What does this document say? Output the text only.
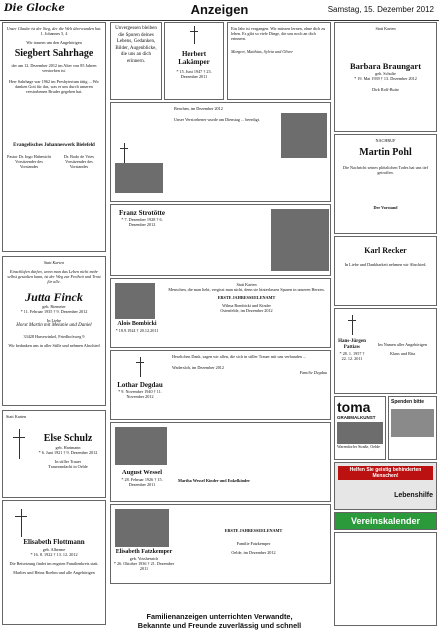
Die Glocke	Anzeigen	Samstag, 15. Dezember 2012

Unser Glaube ist der Sieg, der die Welt überwunden hat.

1. Johannes 5, 4

Wir trauern um den Angehörigen

Siegbert Sahrhage

der am 12. Dezember 2012 im Alter von 85 Jahren verstorben ist.

Herr Sahrhage war 1962 im Presbyterium tätig ... Wir danken Gott für das, was er uns durch unseren verstorbenen Bruder gegeben hat.

Evangelisches Johanneswerk Bielefeld

Pastor Dr. Ingo Habenicht Vorsitzender des Vorstandes
Dr. Bodo de Vries Vorsitzender des Vorstandes

Statt Karten

Einschlafen dürfen, wenn man das Leben nicht mehr selbst gestalten kann, ist der Weg zur Freiheit und Trost für alle.

Jutta Finck

geb. Riemeier

* 11. Februar 1935 † 9. Dezember 2012

In Liebe

Horst Martin mit Melanie und Daniel

33428 Harsewinkel, Friedhofsweg 9

Wir bedanken uns in aller Stille und nehmen Abschied

Statt Karten

Else Schulz

geb. Hartmann

* 6. Juni 1921 † 9. Dezember 2012

In stiller Trauer

Trauerandacht in Oelde

Elisabeth Flottmann

geb. Alberme

* 16. 8. 1922 † 13. 12. 2012

Die Beisetzung findet im engsten Familienkreis statt.

Marlies und Heinz Roehm und alle Angehörigen

Unvergessen bleiben die Spuren deines Lebens, Gedanken, Bilder, Augenblicke, die uns an dich erinnern.

Herbert Lakämper

* 15. Juni 1947 † 23. Dezember 2011

Ein Jahr ist vergangen. Wir müssen lernen, ohne dich zu leben. Es gibt so viele Dinge, die uns noch an dich erinnern.

Margret, Matthias, Sylvia und Oliver

Benchen, im Dezember 2012

Unser Verstorbener wurde am Dienstag ... beerdigt.

Franz Strotötte

* 7. Dezember 1928 † 6. Dezember 2012

Alois Bombicki

* 18.9.1924 † 20.12.2011

Statt Karten

Menschen, die man liebt, vergisst man nicht, denn sie hinterlassen Spuren in unseren Herzen.

ERSTE JAHRESSEELENAMT

Wilma Bombicki und Kinder

Ostenfelde, im Dezember 2012

Lothar Degdau

* 9. November 1940 † 11. November 2012

Herzlichen Dank, sagen wir allen, die sich in stiller Trauer mit uns verbanden ...

Wadersloh, im Dezember 2012

Familie Degdau

August Wessel

* 28. Februar 1926 † 15. Dezember 2011

Martha Wessel Kinder und Enkelkinder

Elisabeth Fatzkemper

geb. Vosshenrich

* 26. Oktober 1936 † 21. Dezember 2011

ERSTE JAHRESSEELENAMT

Familie Fatzkemper

Oelde, im Dezember 2012

Statt Karten

Barbara Braungart

geb. Schulte

* 19. Mai 1939 † 13. Dezember 2012

Dirk Rolf-Buitz

NACHRUF

Martin Pohl

Die Nachricht seines plötzlichen Todes hat uns tief getroffen.

Der Vorstand

Karl Recker

In Liebe und Dankbarkeit nehmen wir Abschied.

Hans-Jürgen Pattiaw

* 28. 1. 1957 † 22. 12. 2011

Im Namen aller Angehörigen

Klaus und Rita

toma
GRABMALKUNST
Warendorfer Straße, Oelde
Spenden bitte
Helfen Sie geistig behinderten Menschen!
Lebenshilfe
Vereinskalender
Familienanzeigen unterrichten Verwandte,
Bekannte und Freunde zuverlässig und schnell
